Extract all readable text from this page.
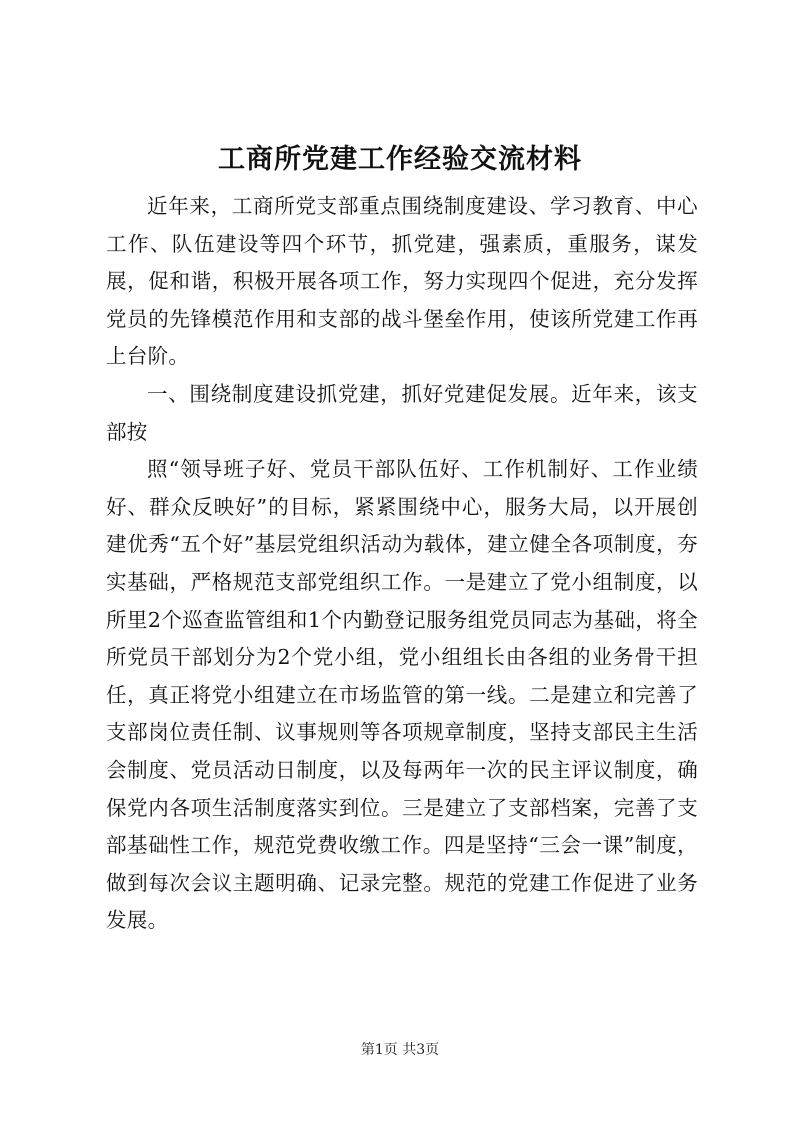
工商所党建工作经验交流材料

近年来，工商所党支部重点围绕制度建设、学习教育、中心工作、队伍建设等四个环节，抓党建，强素质，重服务，谋发展，促和谐，积极开展各项工作，努力实现四个促进，充分发挥党员的先锋模范作用和支部的战斗堡垒作用，使该所党建工作再上台阶。

一、围绕制度建设抓党建，抓好党建促发展。近年来，该支部按

照“领导班子好、党员干部队伍好、工作机制好、工作业绩好、群众反映好”的目标，紧紧围绕中心，服务大局，以开展创建优秀“五个好”基层党组织活动为载体，建立健全各项制度，夯实基础，严格规范支部党组织工作。一是建立了党小组制度，以所里2个巡查监管组和1个内勤登记服务组党员同志为基础，将全所党员干部划分为2个党小组，党小组组长由各组的业务骨干担任，真正将党小组建立在市场监管的第一线。二是建立和完善了支部岗位责任制、议事规则等各项规章制度，坚持支部民主生活会制度、党员活动日制度，以及每两年一次的民主评议制度，确保党内各项生活制度落实到位。三是建立了支部档案，完善了支部基础性工作，规范党费收缴工作。四是坚持“三会一课”制度，做到每次会议主题明确、记录完整。规范的党建工作促进了业务发展。

第1页 共3页
